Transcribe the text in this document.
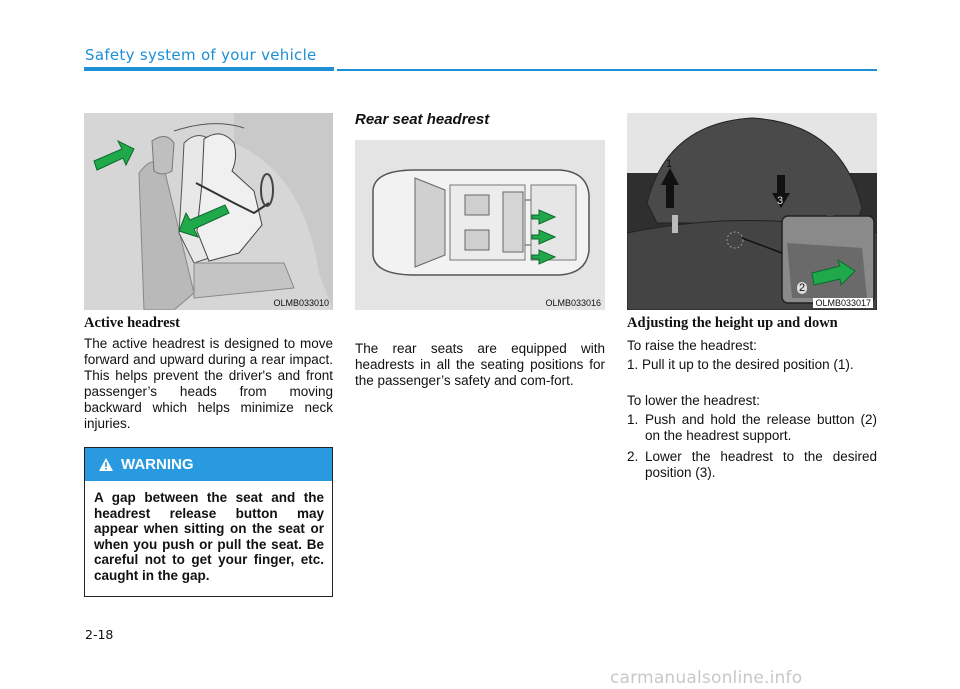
Safety system of your vehicle
OLMB033010	OLMB033016
1
2
3
OLMB033017
Active headrest
The active headrest is designed to move forward and upward during a rear impact. This helps prevent the driver's and front passenger’s heads from moving backward which helps minimize neck injuries.
WARNING
A gap between the seat and the headrest release button may appear when sitting on the seat or when you push or pull the seat. Be careful not to get your finger, etc. caught in the gap.
Rear seat headrest
The rear seats are equipped with headrests in all the seating positions for the passenger’s safety and com-fort.
Adjusting the height up and down
To raise the headrest:
1. Pull it up to the desired position (1).
To lower the headrest:
1. Push and hold the release button (2) on the headrest support.
2. Lower the headrest to the desired position (3).
2-18
carmanualsonline.info
